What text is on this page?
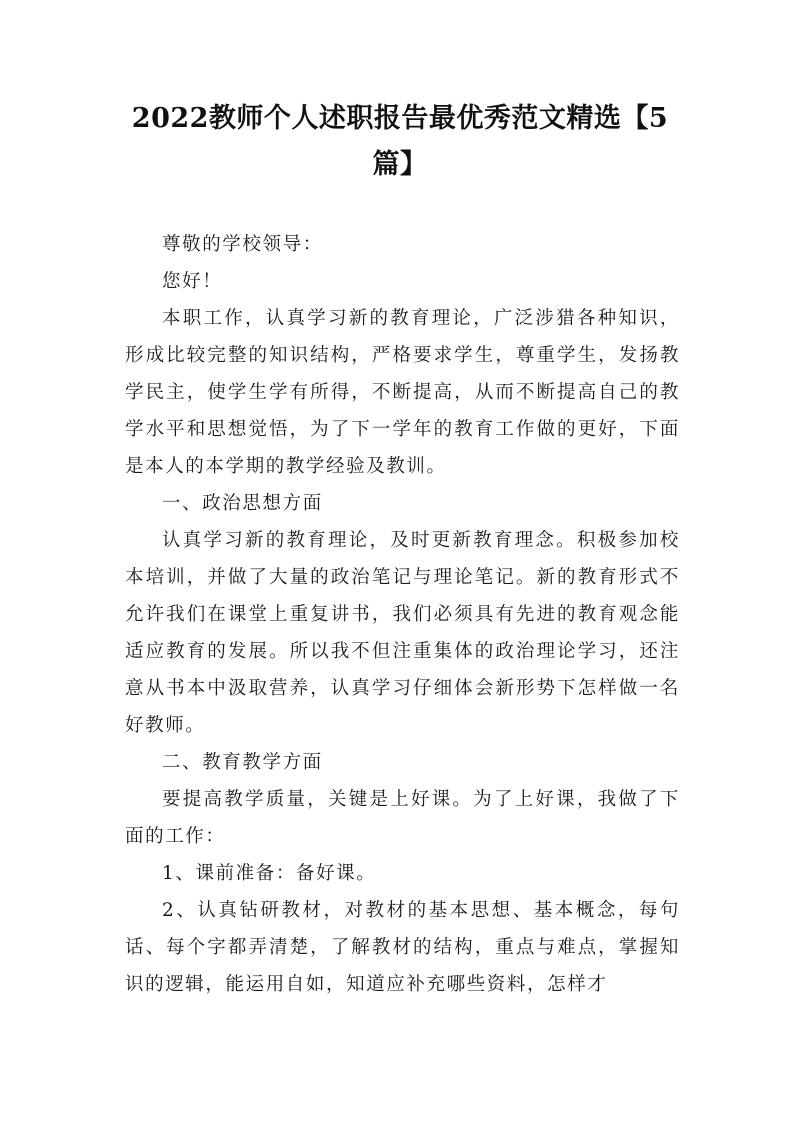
2022教师个人述职报告最优秀范文精选【5篇】

尊敬的学校领导：

您好！

本职工作，认真学习新的教育理论，广泛涉猎各种知识，形成比较完整的知识结构，严格要求学生，尊重学生，发扬教学民主，使学生学有所得，不断提高，从而不断提高自己的教学水平和思想觉悟，为了下一学年的教育工作做的更好，下面是本人的本学期的教学经验及教训。

一、政治思想方面

认真学习新的教育理论，及时更新教育理念。积极参加校本培训，并做了大量的政治笔记与理论笔记。新的教育形式不允许我们在课堂上重复讲书，我们必须具有先进的教育观念能适应教育的发展。所以我不但注重集体的政治理论学习，还注意从书本中汲取营养，认真学习仔细体会新形势下怎样做一名好教师。

二、教育教学方面

要提高教学质量，关键是上好课。为了上好课，我做了下面的工作：

1、课前准备：备好课。

2、认真钻研教材，对教材的基本思想、基本概念，每句话、每个字都弄清楚，了解教材的结构，重点与难点，掌握知识的逻辑，能运用自如，知道应补充哪些资料，怎样才
